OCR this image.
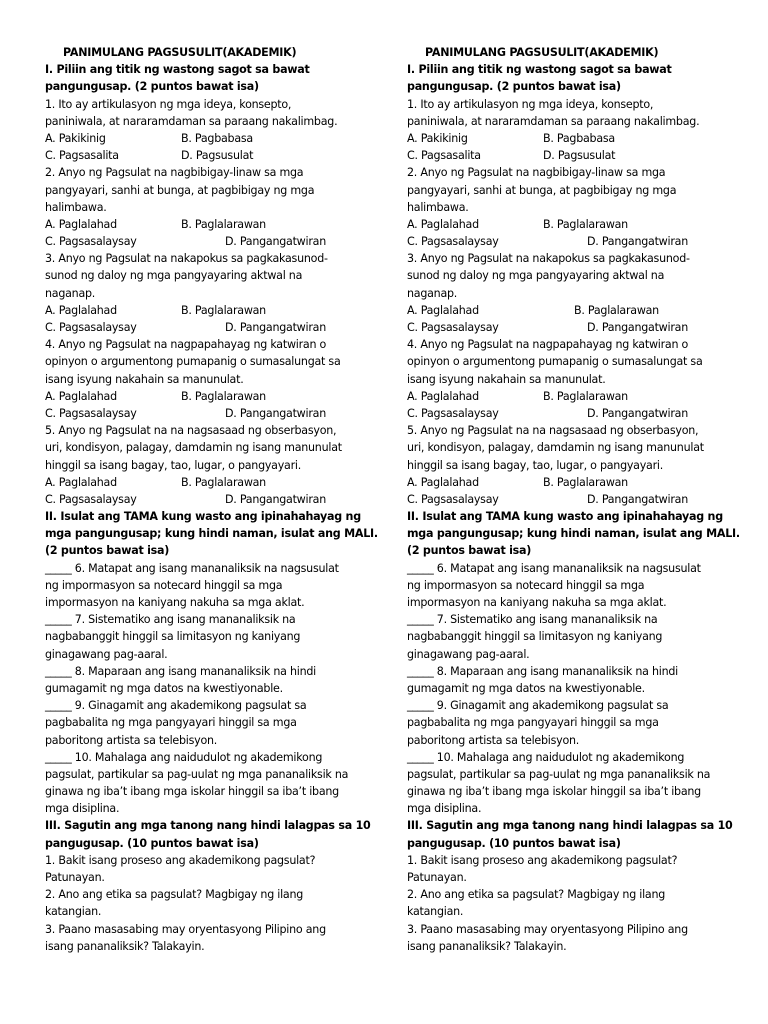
PANIMULANG PAGSUSULIT(AKADEMIK)
I. Piliin ang titik ng wastong sagot sa bawat
pangungusap. (2 puntos bawat isa)
1. Ito ay artikulasyon ng mga ideya, konsepto,
paniniwala, at nararamdaman sa paraang nakalimbag.
A. Pakikinig	B. Pagbabasa
C. Pagsasalita	D. Pagsusulat
2. Anyo ng Pagsulat na nagbibigay-linaw sa mga
pangyayari, sanhi at bunga, at pagbibigay ng mga
halimbawa.
A. Paglalahad	B. Paglalarawan
C. Pagsasalaysay	D. Pangangatwiran
3. Anyo ng Pagsulat na nakapokus sa pagkakasunod-
sunod ng daloy ng mga pangyayaring aktwal na
naganap.
A. Paglalahad	B. Paglalarawan
C. Pagsasalaysay	D. Pangangatwiran
4. Anyo ng Pagsulat na nagpapahayag ng katwiran o
opinyon o argumentong pumapanig o sumasalungat sa
isang isyung nakahain sa manunulat.
A. Paglalahad	B. Paglalarawan
C. Pagsasalaysay	D. Pangangatwiran
5. Anyo ng Pagsulat na na nagsasaad ng obserbasyon,
uri, kondisyon, palagay, damdamin ng isang manunulat
hinggil sa isang bagay, tao, lugar, o pangyayari.
A. Paglalahad	B. Paglalarawan
C. Pagsasalaysay	D. Pangangatwiran
II. Isulat ang TAMA kung wasto ang ipinahahayag ng
mga pangungusap; kung hindi naman, isulat ang MALI.
(2 puntos bawat isa)
_____ 6. Matapat ang isang mananaliksik na nagsusulat
ng impormasyon sa notecard hinggil sa mga
impormasyon na kaniyang nakuha sa mga aklat.
_____ 7. Sistematiko ang isang mananaliksik na
nagbabanggit hinggil sa limitasyon ng kaniyang
ginagawang pag-aaral.
_____ 8. Maparaan ang isang mananaliksik na hindi
gumagamit ng mga datos na kwestiyonable.
_____ 9. Ginagamit ang akademikong pagsulat sa
pagbabalita ng mga pangyayari hinggil sa mga
paboritong artista sa telebisyon.
_____ 10. Mahalaga ang naidudulot ng akademikong
pagsulat, partikular sa pag-uulat ng mga pananaliksik na
ginawa ng iba’t ibang mga iskolar hinggil sa iba’t ibang
mga disiplina.
III. Sagutin ang mga tanong nang hindi lalagpas sa 10
pangugusap. (10 puntos bawat isa)
1. Bakit isang proseso ang akademikong pagsulat?
Patunayan.
2. Ano ang etika sa pagsulat? Magbigay ng ilang
katangian.
3. Paano masasabing may oryentasyong Pilipino ang
isang pananaliksik? Talakayin.
PANIMULANG PAGSUSULIT(AKADEMIK)
I. Piliin ang titik ng wastong sagot sa bawat
pangungusap. (2 puntos bawat isa)
1. Ito ay artikulasyon ng mga ideya, konsepto,
paniniwala, at nararamdaman sa paraang nakalimbag.
A. Pakikinig	B. Pagbabasa
C. Pagsasalita	D. Pagsusulat
2. Anyo ng Pagsulat na nagbibigay-linaw sa mga
pangyayari, sanhi at bunga, at pagbibigay ng mga
halimbawa.
A. Paglalahad	B. Paglalarawan
C. Pagsasalaysay	D. Pangangatwiran
3. Anyo ng Pagsulat na nakapokus sa pagkakasunod-
sunod ng daloy ng mga pangyayaring aktwal na
naganap.
A. Paglalahad	B. Paglalarawan
C. Pagsasalaysay	D. Pangangatwiran
4. Anyo ng Pagsulat na nagpapahayag ng katwiran o
opinyon o argumentong pumapanig o sumasalungat sa
isang isyung nakahain sa manunulat.
A. Paglalahad	B. Paglalarawan
C. Pagsasalaysay	D. Pangangatwiran
5. Anyo ng Pagsulat na na nagsasaad ng obserbasyon,
uri, kondisyon, palagay, damdamin ng isang manunulat
hinggil sa isang bagay, tao, lugar, o pangyayari.
A. Paglalahad	B. Paglalarawan
C. Pagsasalaysay	D. Pangangatwiran
II. Isulat ang TAMA kung wasto ang ipinahahayag ng
mga pangungusap; kung hindi naman, isulat ang MALI.
(2 puntos bawat isa)
_____ 6. Matapat ang isang mananaliksik na nagsusulat
ng impormasyon sa notecard hinggil sa mga
impormasyon na kaniyang nakuha sa mga aklat.
_____ 7. Sistematiko ang isang mananaliksik na
nagbabanggit hinggil sa limitasyon ng kaniyang
ginagawang pag-aaral.
_____ 8. Maparaan ang isang mananaliksik na hindi
gumagamit ng mga datos na kwestiyonable.
_____ 9. Ginagamit ang akademikong pagsulat sa
pagbabalita ng mga pangyayari hinggil sa mga
paboritong artista sa telebisyon.
_____ 10. Mahalaga ang naidudulot ng akademikong
pagsulat, partikular sa pag-uulat ng mga pananaliksik na
ginawa ng iba’t ibang mga iskolar hinggil sa iba’t ibang
mga disiplina.
III. Sagutin ang mga tanong nang hindi lalagpas sa 10
pangugusap. (10 puntos bawat isa)
1. Bakit isang proseso ang akademikong pagsulat?
Patunayan.
2. Ano ang etika sa pagsulat? Magbigay ng ilang
katangian.
3. Paano masasabing may oryentasyong Pilipino ang
isang pananaliksik? Talakayin.
